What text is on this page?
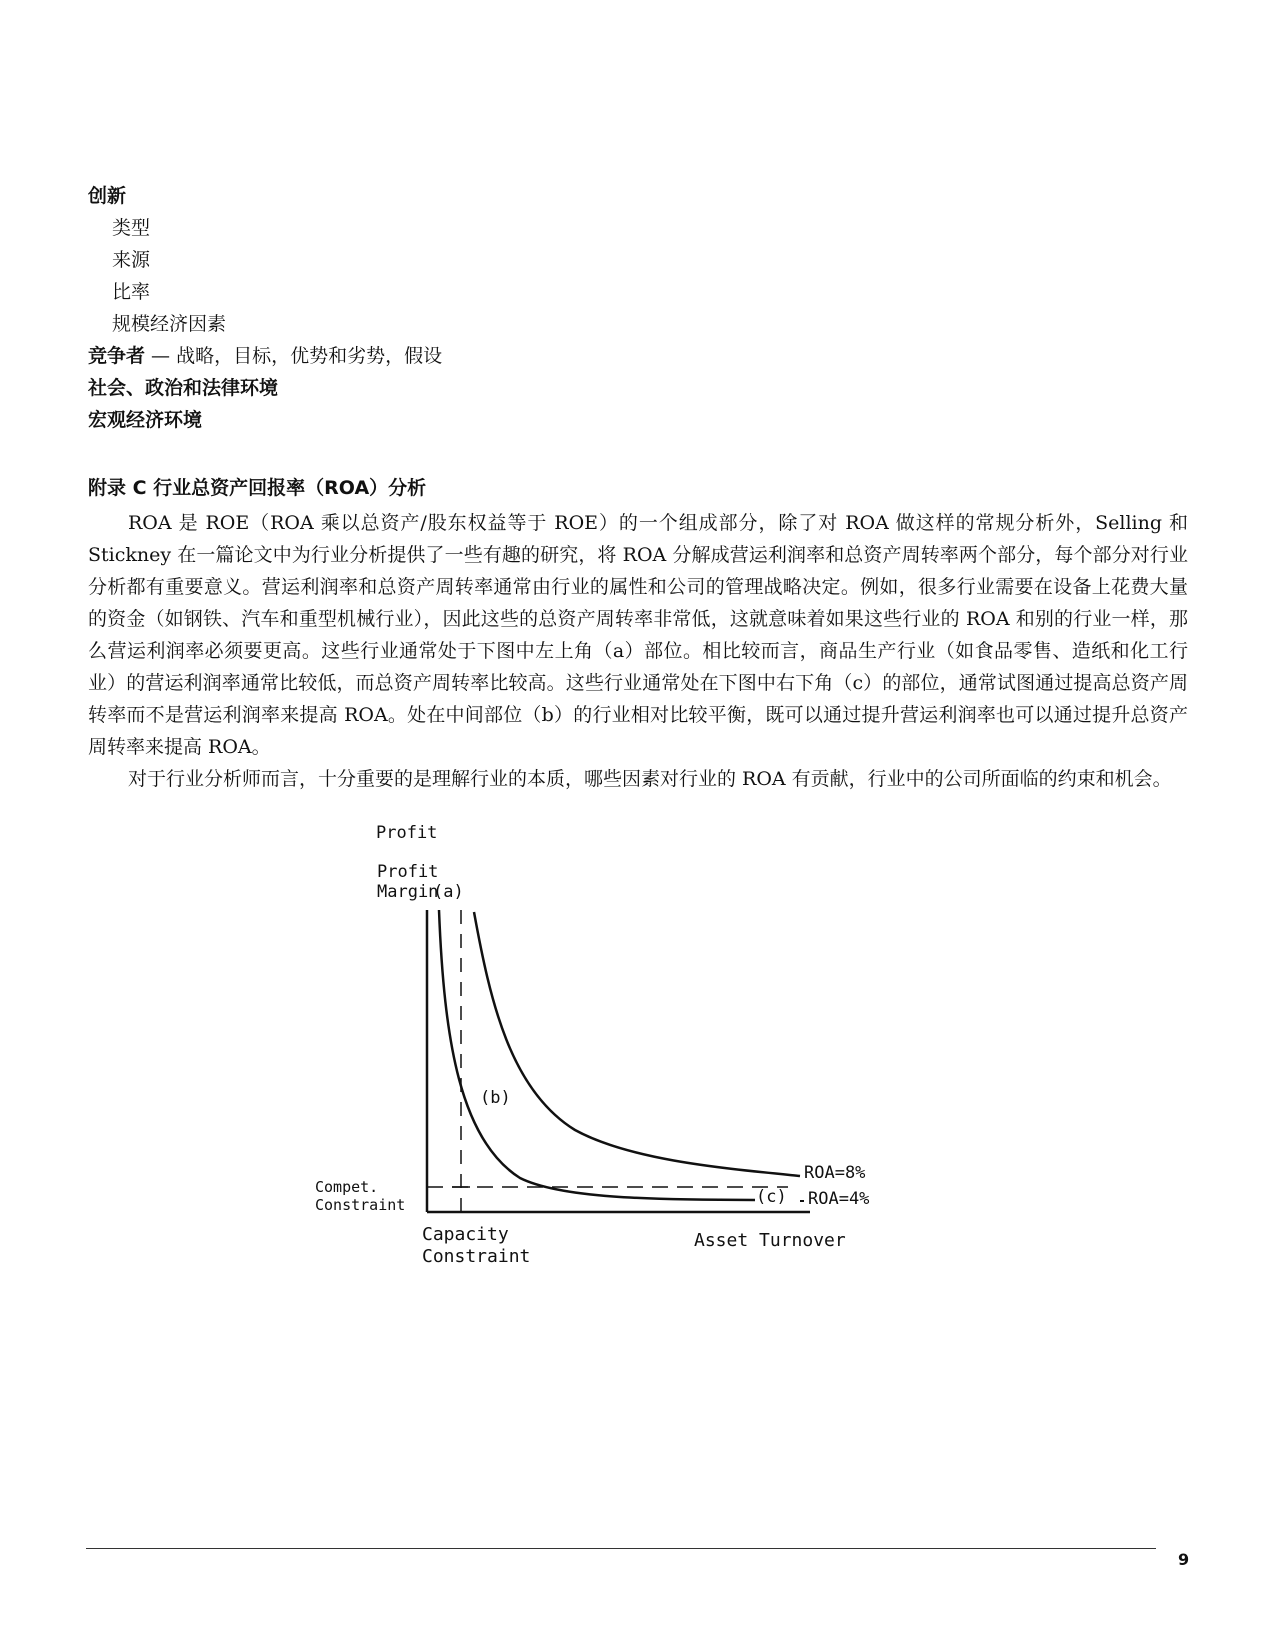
创新
类型
来源
比率
规模经济因素
竞争者 — 战略，目标，优势和劣势，假设
社会、政治和法律环境
宏观经济环境
附录 C 行业总资产回报率（ROA）分析

ROA 是 ROE（ROA 乘以总资产/股东权益等于 ROE）的一个组成部分，除了对 ROA 做这样的常规分析外，Selling 和 Stickney 在一篇论文中为行业分析提供了一些有趣的研究，将 ROA 分解成营运利润率和总资产周转率两个部分，每个部分对行业分析都有重要意义。营运利润率和总资产周转率通常由行业的属性和公司的管理战略决定。例如，很多行业需要在设备上花费大量的资金（如钢铁、汽车和重型机械行业），因此这些的总资产周转率非常低，这就意味着如果这些行业的 ROA 和别的行业一样，那么营运利润率必须要更高。这些行业通常处于下图中左上角（a）部位。相比较而言，商品生产行业（如食品零售、造纸和化工行业）的营运利润率通常比较低，而总资产周转率比较高。这些行业通常处在下图中右下角（c）的部位，通常试图通过提高总资产周转率而不是营运利润率来提高 ROA。处在中间部位（b）的行业相对比较平衡，既可以通过提升营运利润率也可以通过提升总资产周转率来提高 ROA。

对于行业分析师而言，十分重要的是理解行业的本质，哪些因素对行业的 ROA 有贡献，行业中的公司所面临的约束和机会。

Profit
Profit
Margin
(a)
(b)
(c)
ROA=8%
ROA=4%
Compet.
Constraint
Capacity
Constraint
Asset Turnover
9
